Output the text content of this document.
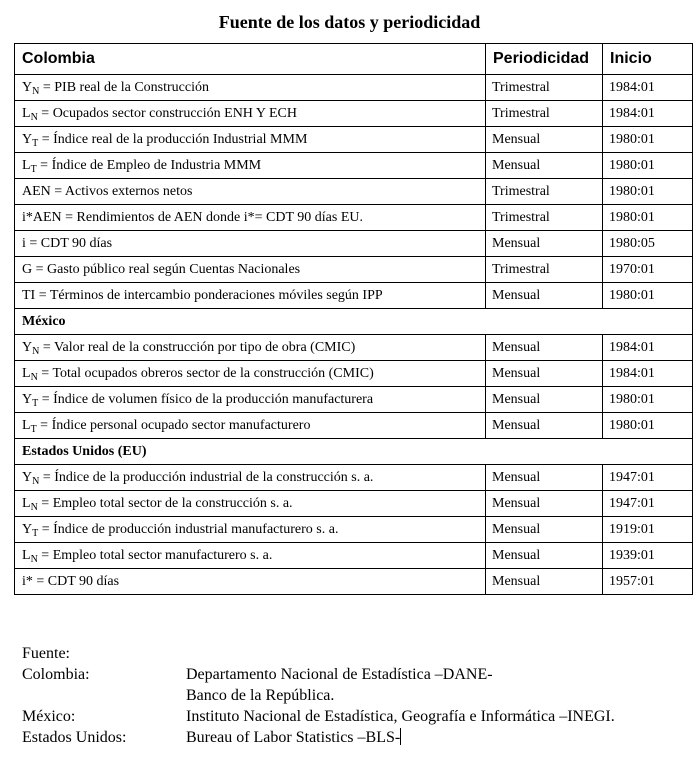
Fuente de los datos y periodicidad
Colombia	Periodicidad	Inicio
$Y_N$ = PIB real de la Construcción	Trimestral	1984:01
$L_N$ = Ocupados sector construcción ENH Y ECH	Trimestral	1984:01
$Y_T$ = Índice real de la producción Industrial MMM	Mensual	1980:01
$L_T$ = Índice de Empleo de Industria MMM	Mensual	1980:01
AEN = Activos externos netos	Trimestral	1980:01
i*AEN = Rendimientos de AEN donde i*= CDT 90 días EU.	Trimestral	1980:01
i = CDT 90 días	Mensual	1980:05
G = Gasto público real según Cuentas Nacionales	Trimestral	1970:01
TI = Términos de intercambio ponderaciones móviles según IPP	Mensual	1980:01
México		
$Y_N$ = Valor real de la construcción por tipo de obra (CMIC)	Mensual	1984:01
$L_N$ = Total ocupados obreros sector de la construcción (CMIC)	Mensual	1984:01
$Y_T$ = Índice de volumen físico de la producción manufacturera	Mensual	1980:01
$L_T$ = Índice personal ocupado sector manufacturero	Mensual	1980:01
Estados Unidos (EU)		
$Y_N$ = Índice de la producción industrial de la construcción s. a.	Mensual	1947:01
$L_N$ = Empleo total sector de la construcción s. a.	Mensual	1947:01
$Y_T$ = Índice de producción industrial manufacturero s. a.	Mensual	1919:01
$L_N$ = Empleo total sector manufacturero s. a.	Mensual	1939:01
i* = CDT 90 días	Mensual	1957:01
Fuente:
Colombia:	Departamento Nacional de Estadística –DANE-
Banco de la República.
México:	Instituto Nacional de Estadística, Geografía e Informática –INEGI.
Estados Unidos:	Bureau of Labor Statistics –BLS-
